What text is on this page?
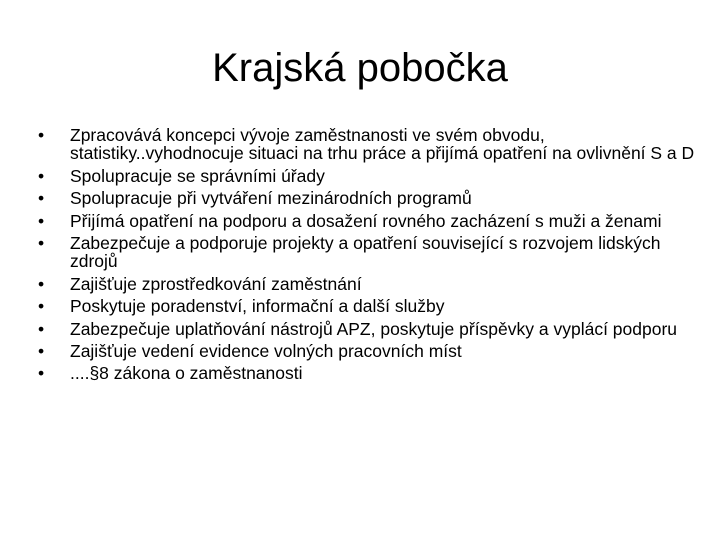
Krajská pobočka
•	Zpracovává koncepci vývoje zaměstnanosti ve svém obvodu, statistiky..vyhodnocuje situaci na trhu práce a přijímá opatření na ovlivnění S a D
•	Spolupracuje se správními úřady
•	Spolupracuje při vytváření mezinárodních programů
•	Přijímá opatření na podporu a dosažení rovného zacházení s muži a ženami
•	Zabezpečuje a podporuje projekty a opatření související s rozvojem lidských zdrojů
•	Zajišťuje zprostředkování zaměstnání
•	Poskytuje poradenství, informační a další služby
•	Zabezpečuje uplatňování nástrojů APZ, poskytuje příspěvky a vyplácí podporu
•	Zajišťuje vedení evidence volných pracovních míst
•	....§8 zákona o zaměstnanosti
